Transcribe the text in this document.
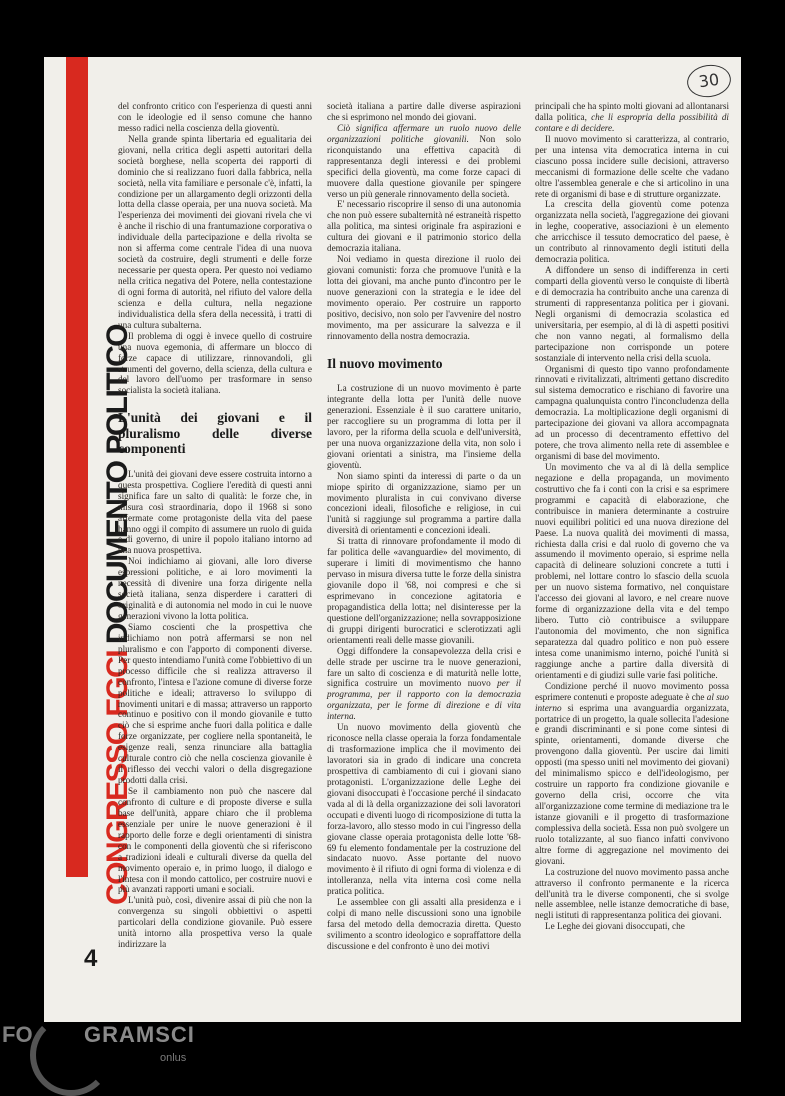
CONGRESSO FGCI DOCUMENTO POLITICO
4
30

del confronto critico con l'esperienza di questi anni con le ideologie ed il senso comune che hanno messo radici nella coscienza della gioventù.

Nella grande spinta libertaria ed egualitaria dei giovani, nella critica degli aspetti autoritari della società borghese, nella scoperta dei rapporti di dominio che si realizzano fuori dalla fabbrica, nella società, nella vita familiare e personale c'è, infatti, la condizione per un allargamento degli orizzonti della lotta della classe operaia, per una nuova società. Ma l'esperienza dei movimenti dei giovani rivela che vi è anche il rischio di una frantumazione corporativa o individuale della partecipazione e della rivolta se non si afferma come centrale l'idea di una nuova società da costruire, degli strumenti e delle forze necessarie per questa opera. Per questo noi vediamo nella critica negativa del Potere, nella contestazione di ogni forma di autorità, nel rifiuto del valore della scienza e della cultura, nella negazione individualistica della sfera della necessità, i tratti di una cultura subalterna.

Il problema di oggi è invece quello di costruire una nuova egemonia, di affermare un blocco di forze capace di utilizzare, rinnovandoli, gli strumenti del governo, della scienza, della cultura e del lavoro dell'uomo per trasformare in senso socialista la società italiana.

L'unità dei giovani e il pluralismo delle diverse componenti

L'unità dei giovani deve essere costruita intorno a questa prospettiva. Cogliere l'eredità di questi anni significa fare un salto di qualità: le forze che, in misura così straordinaria, dopo il 1968 si sono affermate come protagoniste della vita del paese hanno oggi il compito di assumere un ruolo di guida e di governo, di unire il popolo italiano intorno ad una nuova prospettiva.

Noi indichiamo ai giovani, alle loro diverse espressioni politiche, e ai loro movimenti la necessità di divenire una forza dirigente nella società italiana, senza disperdere i caratteri di originalità e di autonomia nel modo in cui le nuove generazioni vivono la lotta politica.

Siamo coscienti che la prospettiva che indichiamo non potrà affermarsi se non nel pluralismo e con l'apporto di componenti diverse. Per questo intendiamo l'unità come l'obbiettivo di un processo difficile che si realizza attraverso il confronto, l'intesa e l'azione comune di diverse forze politiche e ideali; attraverso lo sviluppo di movimenti unitari e di massa; attraverso un rapporto continuo e positivo con il mondo giovanile e tutto ciò che si esprime anche fuori dalla politica e dalle forze organizzate, per cogliere nella spontaneità, le esigenze reali, senza rinunciare alla battaglia culturale contro ciò che nella coscienza giovanile è il riflesso dei vecchi valori o della disgregazione prodotti dalla crisi.

Se il cambiamento non può che nascere dal confronto di culture e di proposte diverse e sulla base dell'unità, appare chiaro che il problema essenziale per unire le nuove generazioni è il rapporto delle forze e degli orientamenti di sinistra con le componenti della gioventù che si riferiscono a tradizioni ideali e culturali diverse da quella del movimento operaio e, in primo luogo, il dialogo e l'intesa con il mondo cattolico, per costruire nuovi e più avanzati rapporti umani e sociali.

L'unità può, così, divenire assai di più che non la convergenza su singoli obbiettivi o aspetti particolari della condizione giovanile. Può essere unità intorno alla prospettiva verso la quale indirizzare la

società italiana a partire dalle diverse aspirazioni che si esprimono nel mondo dei giovani.

Ciò significa affermare un ruolo nuovo delle organizzazioni politiche giovanili. Non solo riconquistando una effettiva capacità di rappresentanza degli interessi e dei problemi specifici della gioventù, ma come forze capaci di muovere dalla questione giovanile per spingere verso un più generale rinnovamento della società.

E' necessario riscoprire il senso di una autonomia che non può essere subalternità né estraneità rispetto alla politica, ma sintesi originale fra aspirazioni e cultura dei giovani e il patrimonio storico della democrazia italiana.

Noi vediamo in questa direzione il ruolo dei giovani comunisti: forza che promuove l'unità e la lotta dei giovani, ma anche punto d'incontro per le nuove generazioni con la strategia e le idee del movimento operaio. Per costruire un rapporto positivo, decisivo, non solo per l'avvenire del nostro movimento, ma per assicurare la salvezza e il rinnovamento della nostra democrazia.

Il nuovo movimento

La costruzione di un nuovo movimento è parte integrante della lotta per l'unità delle nuove generazioni. Essenziale è il suo carattere unitario, per raccogliere su un programma di lotta per il lavoro, per la riforma della scuola e dell'università, per una nuova organizzazione della vita, non solo i giovani orientati a sinistra, ma l'insieme della gioventù.

Non siamo spinti da interessi di parte o da un miope spirito di organizzazione, siamo per un movimento pluralista in cui convivano diverse concezioni ideali, filosofiche e religiose, in cui l'unità si raggiunge sul programma a partire dalla diversità di orientamenti e concezioni ideali.

Si tratta di rinnovare profondamente il modo di far politica delle «avanguardie» del movimento, di superare i limiti di movimentismo che hanno pervaso in misura diversa tutte le forze della sinistra giovanile dopo il '68, noi compresi e che si esprimevano in concezione agitatoria e propagandistica della lotta; nel disinteresse per la questione dell'organizzazione; nella sovrapposizione di gruppi dirigenti burocratici e sclerotizzati agli orientamenti reali delle masse giovanili.

Oggi diffondere la consapevolezza della crisi e delle strade per uscirne tra le nuove generazioni, fare un salto di coscienza e di maturità nelle lotte, significa costruire un movimento nuovo per il programma, per il rapporto con la democrazia organizzata, per le forme di direzione e di vita interna.

Un nuovo movimento della gioventù che riconosce nella classe operaia la forza fondamentale di trasformazione implica che il movimento dei lavoratori sia in grado di indicare una concreta prospettiva di cambiamento di cui i giovani siano protagonisti. L'organizzazione delle Leghe dei giovani disoccupati è l'occasione perché il sindacato vada al di là della organizzazione dei soli lavoratori occupati e diventi luogo di ricomposizione di tutta la forza-lavoro, allo stesso modo in cui l'ingresso della giovane classe operaia protagonista delle lotte '68-69 fu elemento fondamentale per la costruzione del sindacato nuovo. Asse portante del nuovo movimento è il rifiuto di ogni forma di violenza e di intolleranza, nella vita interna così come nella pratica politica.

Le assemblee con gli assalti alla presidenza e i colpi di mano nelle discussioni sono una ignobile farsa del metodo della democrazia diretta. Questo svilimento a scontro ideologico e sopraffattore della discussione e del confronto è uno dei motivi

principali che ha spinto molti giovani ad allontanarsi dalla politica, che li espropria della possibilità di contare e di decidere.

Il nuovo movimento si caratterizza, al contrario, per una intensa vita democratica interna in cui ciascuno possa incidere sulle decisioni, attraverso meccanismi di formazione delle scelte che vadano oltre l'assemblea generale e che si articolino in una rete di organismi di base e di strutture organizzate.

La crescita della gioventù come potenza organizzata nella società, l'aggregazione dei giovani in leghe, cooperative, associazioni è un elemento che arricchisce il tessuto democratico del paese, è un contributo al rinnovamento degli istituti della democrazia politica.

A diffondere un senso di indifferenza in certi comparti della gioventù verso le conquiste di libertà e di democrazia ha contribuito anche una carenza di strumenti di rappresentanza politica per i giovani. Negli organismi di democrazia scolastica ed universitaria, per esempio, al di là di aspetti positivi che non vanno negati, al formalismo della partecipazione non corrisponde un potere sostanziale di intervento nella crisi della scuola.

Organismi di questo tipo vanno profondamente rinnovati e rivitalizzati, altrimenti gettano discredito sul sistema democratico e rischiano di favorire una campagna qualunquista contro l'inconcludenza della democrazia. La moltiplicazione degli organismi di partecipazione dei giovani va allora accompagnata ad un processo di decentramento effettivo del potere, che trova alimento nella rete di assemblee e organismi di base del movimento.

Un movimento che va al di là della semplice negazione e della propaganda, un movimento costruttivo che fa i conti con la crisi e sa esprimere programmi e capacità di elaborazione, che contribuisce in maniera determinante a costruire nuovi equilibri politici ed una nuova direzione del Paese. La nuova qualità dei movimenti di massa, richiesta dalla crisi e dal ruolo di governo che va assumendo il movimento operaio, si esprime nella capacità di delineare soluzioni concrete a tutti i problemi, nel lottare contro lo sfascio della scuola per un nuovo sistema formativo, nel conquistare l'accesso dei giovani al lavoro, e nel creare nuove forme di organizzazione della vita e del tempo libero. Tutto ciò contribuisce a sviluppare l'autonomia del movimento, che non significa separatezza dal quadro politico e non può essere intesa come unanimismo interno, poiché l'unità si raggiunge anche a partire dalla diversità di orientamenti e di giudizi sulle varie fasi politiche.

Condizione perché il nuovo movimento possa esprimere contenuti e proposte adeguate è che al suo interno si esprima una avanguardia organizzata, portatrice di un progetto, la quale sollecita l'adesione e grandi discriminanti e si pone come sintesi di spinte, orientamenti, domande diverse che provengono dalla gioventù. Per uscire dai limiti opposti (ma spesso uniti nel movimento dei giovani) del minimalismo spicco e dell'ideologismo, per costruire un rapporto fra condizione giovanile e governo della crisi, occorre che vita all'organizzazione come termine di mediazione tra le istanze giovanili e il progetto di trasformazione complessiva della società. Essa non può svolgere un ruolo totalizzante, al suo fianco infatti convivono altre forme di aggregazione nel movimento dei giovani.

La costruzione del nuovo movimento passa anche attraverso il confronto permanente e la ricerca dell'unità tra le diverse componenti, che si svolge nelle assemblee, nelle istanze democratiche di base, negli istituti di rappresentanza politica dei giovani.

Le Leghe dei giovani disoccupati, che

FO GRAMSCI
onlus
